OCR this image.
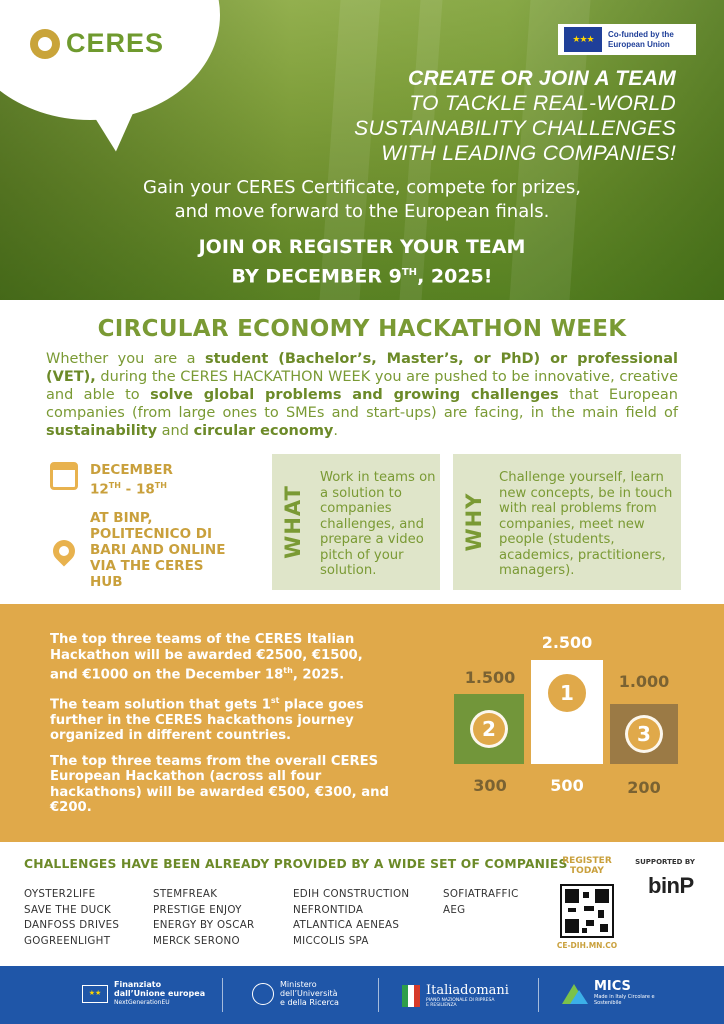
CERES	★★★
Co-funded by the European Union
CREATE OR JOIN A TEAM
TO TACKLE REAL-WORLD
SUSTAINABILITY CHALLENGES
WITH LEADING COMPANIES!
Gain your CERES Certificate, compete for prizes,
and move forward to the European finals.
JOIN OR REGISTER YOUR TEAM
BY DECEMBER 9TH, 2025!
CIRCULAR ECONOMY HACKATHON WEEK
Whether you are a student (Bachelor’s, Master’s, or PhD) or professional (VET), during the CERES HACKATHON WEEK you are pushed to be innovative, creative and able to solve global problems and growing challenges that European companies (from large ones to SMEs and start-ups) are facing, in the main field of sustainability and circular economy.
DECEMBER
12TH - 18TH
AT BINP, POLITECNICO DI BARI AND ONLINE VIA THE CERES HUB
WHAT
Work in teams on a solution to companies challenges, and prepare a video pitch of your solution.
WHY
Challenge yourself, learn new concepts, be in touch with real problems from companies, meet new people (students, academics, practitioners, managers).

The top three teams of the CERES Italian Hackathon will be awarded €2500, €1500, and €1000 on the December 18th, 2025.

The team solution that gets 1st place goes further in the CERES hackathons journey organized in different countries.

The top three teams from the overall CERES European Hackathon (across all four hackathons) will be awarded €500, €300, and €200.

2.500
1.500	1.000
2
1
3
300	500	200
CHALLENGES HAVE BEEN ALREADY PROVIDED BY A WIDE SET OF COMPANIES
OYSTER2LIFE
SAVE THE DUCK
DANFOSS DRIVES
GOGREENLIGHT
STEMFREAK
PRESTIGE ENJOY
ENERGY BY OSCAR
MERCK SERONO
EDIH CONSTRUCTION
NEFRONTIDA
ATLANTICA AENEAS
MICCOLIS SPA
SOFIATRAFFIC
AEG
REGISTER TODAY
CE-DIH.MN.CO
SUPPORTED BY
binP
★★
Finanziato
dall’Unione europea
NextGenerationEU
Ministero
dell’Università
e della Ricerca
Italiadomani
PIANO NAZIONALE DI RIPRESA E RESILIENZA
MICS
Made in Italy Circolare e Sostenibile
